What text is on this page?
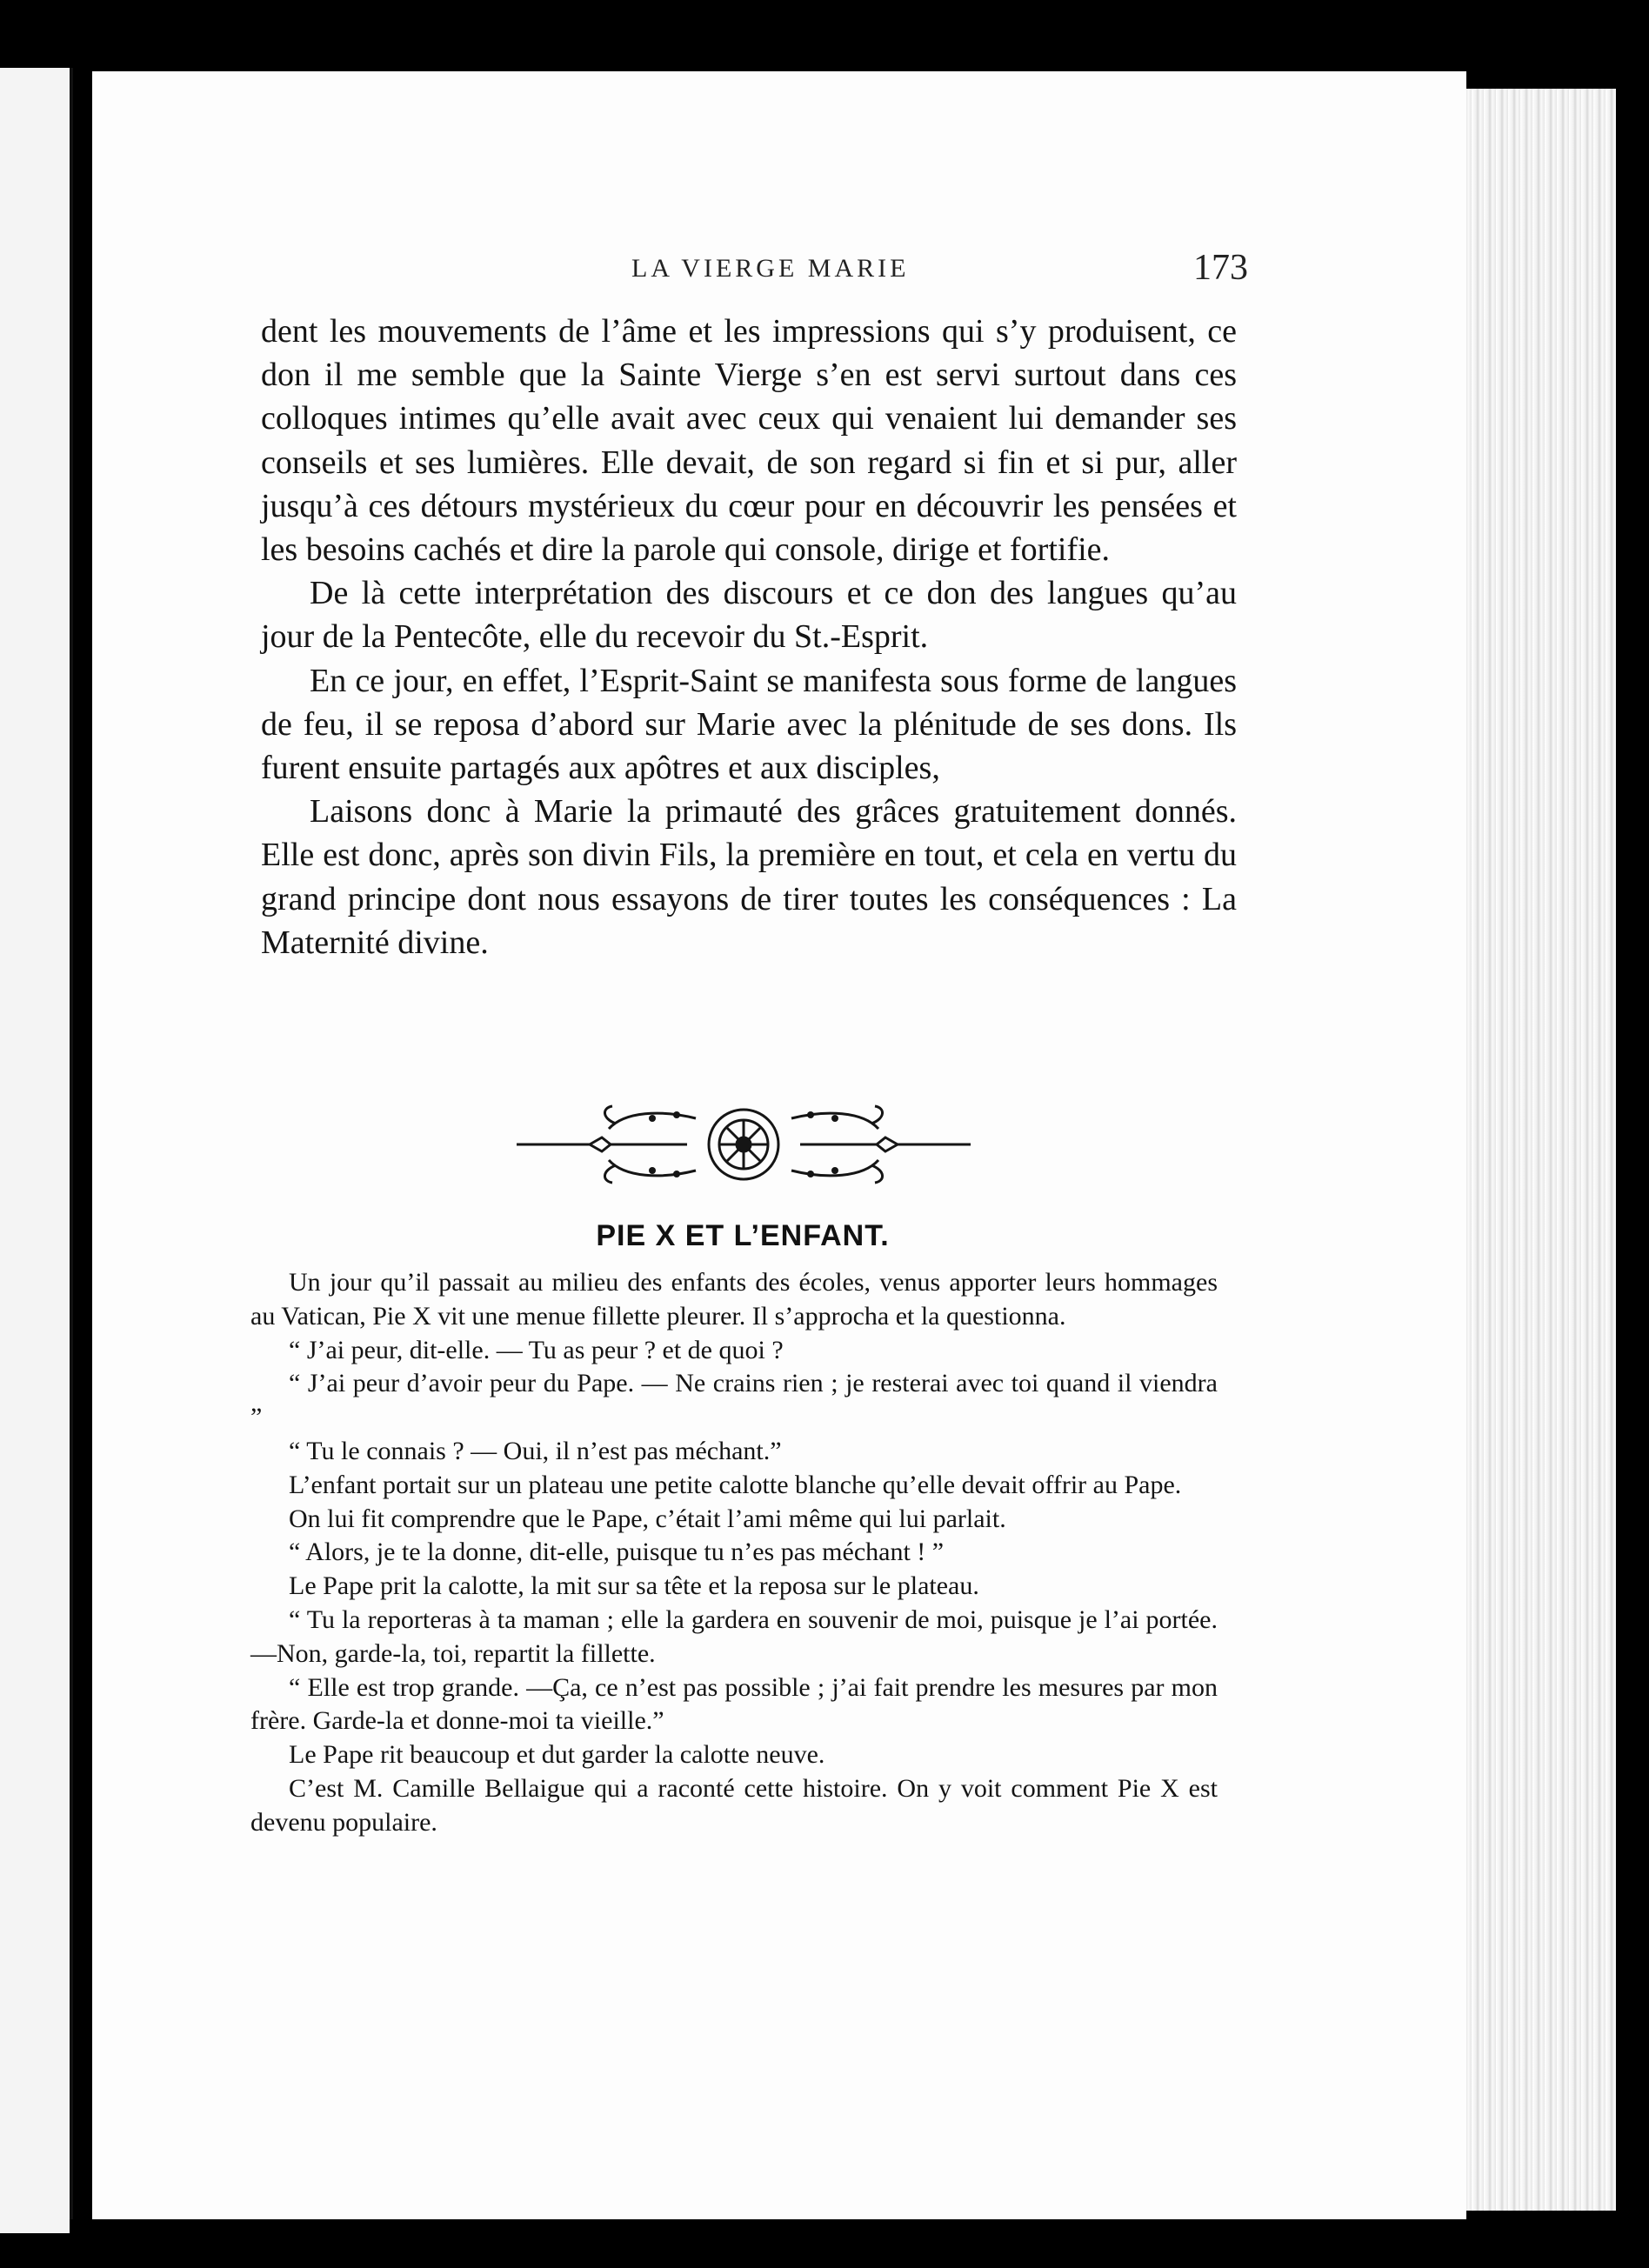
LA VIERGE MARIE	173

dent les mouvements de l’âme et les impressions qui s’y produisent, ce don il me semble que la Sainte Vierge s’en est servi surtout dans ces colloques intimes qu’elle avait avec ceux qui venaient lui demander ses conseils et ses lumières. Elle devait, de son regard si fin et si pur, aller jusqu’à ces détours mystérieux du cœur pour en découvrir les pensées et les besoins cachés et dire la parole qui console, dirige et fortifie.

De là cette interprétation des discours et ce don des langues qu’au jour de la Pentecôte, elle du recevoir du St.-Esprit.

En ce jour, en effet, l’Esprit-Saint se manifesta sous forme de langues de feu, il se reposa d’abord sur Marie avec la plénitude de ses dons. Ils furent ensuite partagés aux apôtres et aux disciples,

Laisons donc à Marie la primauté des grâces gratuitement donnés. Elle est donc, après son divin Fils, la première en tout, et cela en vertu du grand principe dont nous essayons de tirer toutes les conséquences : La Maternité divine.

PIE X ET L’ENFANT.

Un jour qu’il passait au milieu des enfants des écoles, venus apporter leurs hommages au Vatican, Pie X vit une menue fillette pleurer. Il s’approcha et la questionna.

“ J’ai peur, dit-elle. — Tu as peur ? et de quoi ?

“ J’ai peur d’avoir peur du Pape. — Ne crains rien ; je resterai avec toi quand il viendra ”

“ Tu le connais ? — Oui, il n’est pas méchant.”

L’enfant portait sur un plateau une petite calotte blanche qu’elle devait offrir au Pape.

On lui fit comprendre que le Pape, c’était l’ami même qui lui parlait.

“ Alors, je te la donne, dit-elle, puisque tu n’es pas méchant ! ”

Le Pape prit la calotte, la mit sur sa tête et la reposa sur le plateau.

“ Tu la reporteras à ta maman ; elle la gardera en souvenir de moi, puisque je l’ai portée. —Non, garde-la, toi, repartit la fillette.

“ Elle est trop grande. —Ça, ce n’est pas possible ; j’ai fait prendre les mesures par mon frère. Garde-la et donne-moi ta vieille.”

Le Pape rit beaucoup et dut garder la calotte neuve.

C’est M. Camille Bellaigue qui a raconté cette histoire. On y voit comment Pie X est devenu populaire.
